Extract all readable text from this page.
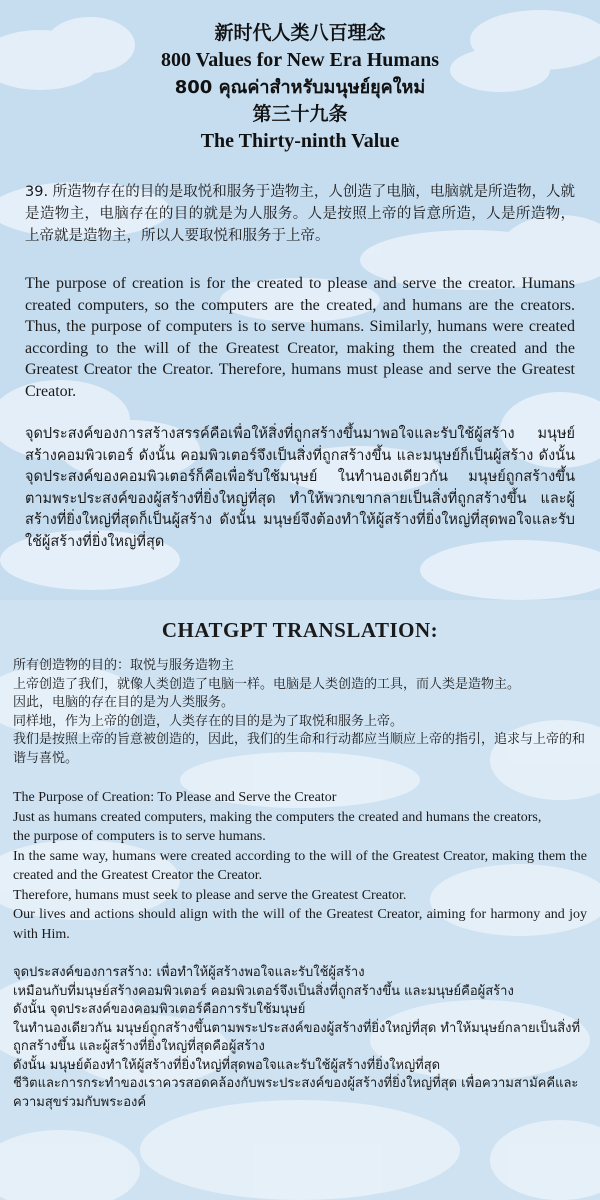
新时代人类八百理念
800 Values for New Era Humans
800 คุณค่าสำหรับมนุษย์ยุคใหม่
第三十九条
The Thirty-ninth Value
39. 所造物存在的目的是取悦和服务于造物主，人创造了电脑，电脑就是所造物，人就是造物主，电脑存在的目的就是为人服务。人是按照上帝的旨意所造，人是所造物，上帝就是造物主，所以人要取悦和服务于上帝。
The purpose of creation is for the created to please and serve the creator. Humans created computers, so the computers are the created, and humans are the creators. Thus, the purpose of computers is to serve humans. Similarly, humans were created according to the will of the Greatest Creator, making them the created and the Greatest Creator the Creator. Therefore, humans must please and serve the Greatest Creator.
จุดประสงค์ของการสร้างสรรค์คือเพื่อให้สิ่งที่ถูกสร้างขึ้นมาพอใจและรับใช้ผู้สร้าง มนุษย์สร้างคอมพิวเตอร์ ดังนั้น คอมพิวเตอร์จึงเป็นสิ่งที่ถูกสร้างขึ้น และมนุษย์ก็เป็นผู้สร้าง ดังนั้น จุดประสงค์ของคอมพิวเตอร์ก็คือเพื่อรับใช้มนุษย์ ในทำนองเดียวกัน มนุษย์ถูกสร้างขึ้นตามพระประสงค์ของผู้สร้างที่ยิ่งใหญ่ที่สุด ทำให้พวกเขากลายเป็นสิ่งที่ถูกสร้างขึ้น และผู้สร้างที่ยิ่งใหญ่ที่สุดก็เป็นผู้สร้าง ดังนั้น มนุษย์จึงต้องทำให้ผู้สร้างที่ยิ่งใหญ่ที่สุดพอใจและรับใช้ผู้สร้างที่ยิ่งใหญ่ที่สุด
CHATGPT TRANSLATION:
所有创造物的目的：取悦与服务造物主
上帝创造了我们，就像人类创造了电脑一样。电脑是人类创造的工具，而人类是造物主。
因此，电脑的存在目的是为人类服务。
同样地，作为上帝的创造，人类存在的目的是为了取悦和服务上帝。
我们是按照上帝的旨意被创造的，因此，我们的生命和行动都应当顺应上帝的指引，追求与上帝的和谐与喜悦。
The Purpose of Creation: To Please and Serve the Creator
Just as humans created computers, making the computers the created and humans the creators,
the purpose of computers is to serve humans.
In the same way, humans were created according to the will of the Greatest Creator, making them the created and the Greatest Creator the Creator.
Therefore, humans must seek to please and serve the Greatest Creator.
Our lives and actions should align with the will of the Greatest Creator, aiming for harmony and joy with Him.
จุดประสงค์ของการสร้าง: เพื่อทำให้ผู้สร้างพอใจและรับใช้ผู้สร้าง
เหมือนกับที่มนุษย์สร้างคอมพิวเตอร์ คอมพิวเตอร์จึงเป็นสิ่งที่ถูกสร้างขึ้น และมนุษย์คือผู้สร้าง
ดังนั้น จุดประสงค์ของคอมพิวเตอร์คือการรับใช้มนุษย์
ในทำนองเดียวกัน มนุษย์ถูกสร้างขึ้นตามพระประสงค์ของผู้สร้างที่ยิ่งใหญ่ที่สุด ทำให้มนุษย์กลายเป็นสิ่งที่ถูกสร้างขึ้น และผู้สร้างที่ยิ่งใหญ่ที่สุดคือผู้สร้าง
ดังนั้น มนุษย์ต้องทำให้ผู้สร้างที่ยิ่งใหญ่ที่สุดพอใจและรับใช้ผู้สร้างที่ยิ่งใหญ่ที่สุด
ชีวิตและการกระทำของเราควรสอดคล้องกับพระประสงค์ของผู้สร้างที่ยิ่งใหญ่ที่สุด เพื่อความสามัคคีและความสุขร่วมกับพระองค์
